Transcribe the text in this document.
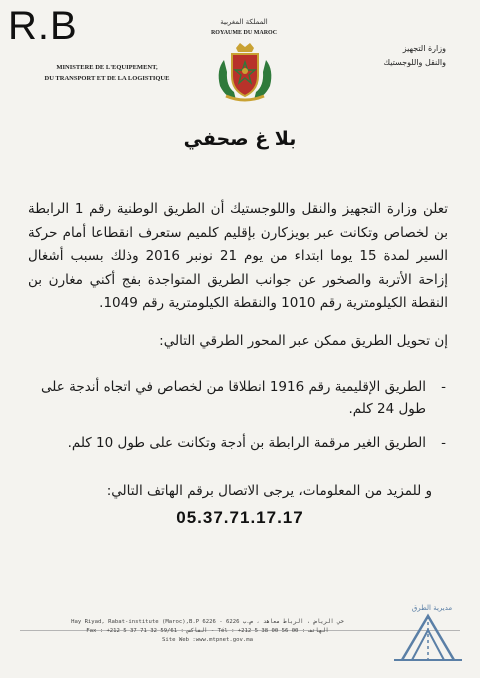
R.B
MINISTERE DE L'EQUIPEMENT,
DU TRANSPORT ET DE LA LOGISTIQUE
المملكة المغربية
ROYAUME DU MAROC
وزارة التجهيز
والنقل واللوجستيك
بلا غ صحفي
تعلن وزارة التجهيز والنقل واللوجستيك أن الطريق الوطنية رقم 1 الرابطة بن لخصاص وتكانت عبر بويزكارن بإقليم كلميم ستعرف انقطاعا أمام حركة السير لمدة 15 يوما ابتداء من يوم 21 نونبر 2016 وذلك بسبب أشغال إزاحة الأتربة والصخور عن جوانب الطريق المتواجدة بفج أكني مغارن بن النقطة الكيلومترية رقم 1010 والنقطة الكيلومترية رقم 1049.
إن تحويل الطريق ممكن عبر المحور الطرقي التالي:
-
الطريق الإقليمية رقم 1916 انطلاقا من لخصاص في اتجاه أندجة على طول 24 كلم.
-
الطريق الغير مرقمة الرابطة بن أدجة وتكانت على طول 10 كلم.
و للمزيد من المعلومات، يرجى الاتصال برقم الهاتف التالي:
05.37.71.17.17
Hay Riyad, Rabat-institute (Maroc),B.P 6226 - 6226 حي الرياض ، الرباط معاهد ، ص.ب
Fax : +212 5 37 71 32 59/61 : الفاكس - Tél : +212 5 38 00 56 00 : الهاتف
Site Web :www.mtpnet.gov.ma
مديرية الطرق
